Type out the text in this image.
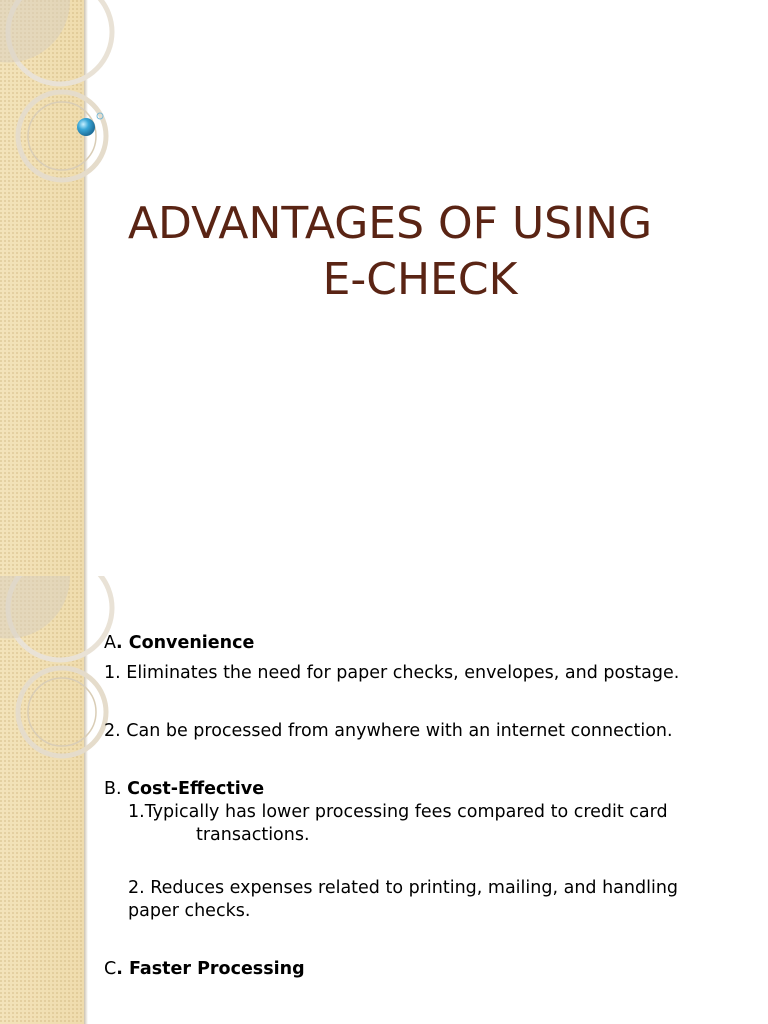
ADVANTAGES OF USING
E-CHECK

A. Convenience

1. Eliminates the need for paper checks, envelopes, and postage.

2. Can be processed from anywhere with an internet connection.

B. Cost-Effective

1.Typically has lower processing fees compared to credit cardtransactions.

2. Reduces expenses related to printing, mailing, and handling paper checks.

C. Faster Processing
